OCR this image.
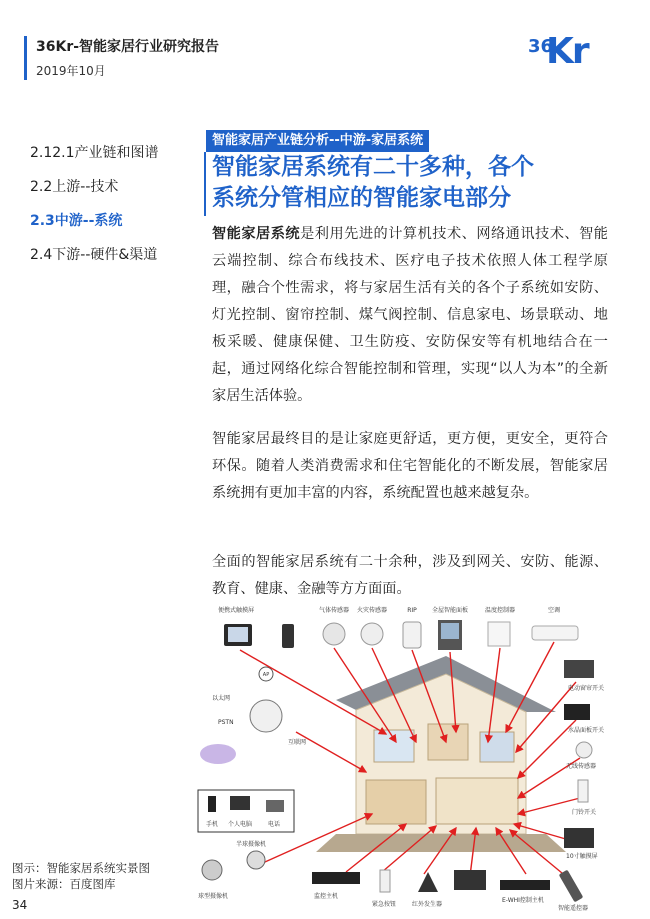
36Kr-智能家居行业研究报告
2019年10月
36
Kr
2.12.1产业链和图谱
2.2上游--技术
2.3中游--系统
2.4下游--硬件&渠道
智能家居产业链分析--中游-家居系统
智能家居系统有二十多种，各个
系统分管相应的智能家电部分
智能家居系统是利用先进的计算机技术、网络通讯技术、智能云端控制、综合布线技术、医疗电子技术依照人体工程学原理，融合个性需求，将与家居生活有关的各个子系统如安防、灯光控制、窗帘控制、煤气阀控制、信息家电、场景联动、地板采暖、健康保健、卫生防疫、安防保安等有机地结合在一起，通过网络化综合智能控制和管理，实现“以人为本”的全新家居生活体验。
智能家居最终目的是让家庭更舒适，更方便，更安全，更符合环保。随着人类消费需求和住宅智能化的不断发展，智能家居系统拥有更加丰富的内容，系统配置也越来越复杂。
全面的智能家居系统有二十余种，涉及到网关、安防、能源、教育、健康、金融等方方面面。
便携式触摸屏	气体传感器 火灾传感器	RIP	全屋智能面板	温度控制器	空调
AP
以太网
PSTN
互联网
手机 个人电脑	电话
电动窗帘开关
水晶面板开关
无线传感器
门铃开关
10寸触摸屏
半球摄像机
球型摄像机	监控主机
紧急按钮	红外发生器
E-WHI控制主机
智能遥控器
图示：智能家居系统实景图
图片来源：百度图库
34
